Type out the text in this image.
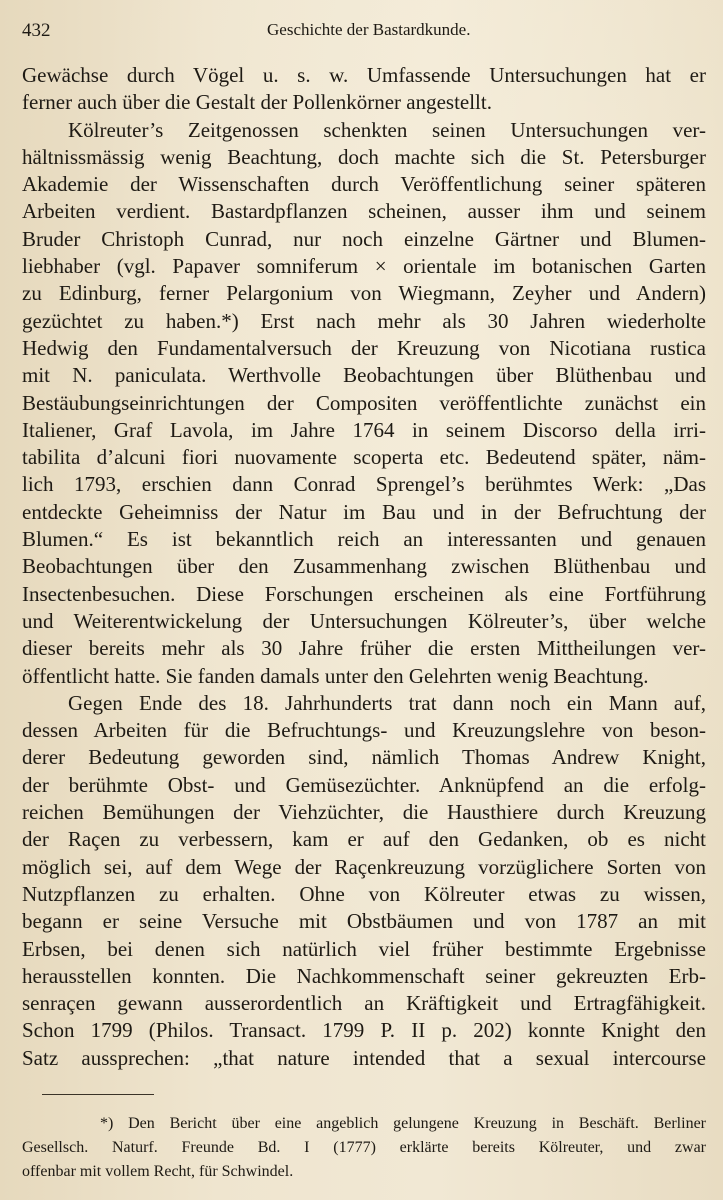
432	Geschichte der Bastardkunde.
Gewächse durch Vögel u. s. w. Umfassende Untersuchungen hat er
ferner auch über die Gestalt der Pollenkörner angestellt.
Kölreuter’s Zeitgenossen schenkten seinen Untersuchungen ver-
hältnissmässig wenig Beachtung, doch machte sich die St. Petersburger
Akademie der Wissenschaften durch Veröffentlichung seiner späteren
Arbeiten verdient. Bastardpflanzen scheinen, ausser ihm und seinem
Bruder Christoph Cunrad, nur noch einzelne Gärtner und Blumen-
liebhaber (vgl. Papaver somniferum × orientale im botanischen Garten
zu Edinburg, ferner Pelargonium von Wiegmann, Zeyher und Andern)
gezüchtet zu haben.*) Erst nach mehr als 30 Jahren wiederholte
Hedwig den Fundamentalversuch der Kreuzung von Nicotiana rustica
mit N. paniculata. Werthvolle Beobachtungen über Blüthenbau und
Bestäubungseinrichtungen der Compositen veröffentlichte zunächst ein
Italiener, Graf Lavola, im Jahre 1764 in seinem Discorso della irri-
tabilita d’alcuni fiori nuovamente scoperta etc. Bedeutend später, näm-
lich 1793, erschien dann Conrad Sprengel’s berühmtes Werk: „Das
entdeckte Geheimniss der Natur im Bau und in der Befruchtung der
Blumen.“ Es ist bekanntlich reich an interessanten und genauen
Beobachtungen über den Zusammenhang zwischen Blüthenbau und
Insectenbesuchen. Diese Forschungen erscheinen als eine Fortführung
und Weiterentwickelung der Untersuchungen Kölreuter’s, über welche
dieser bereits mehr als 30 Jahre früher die ersten Mittheilungen ver-
öffentlicht hatte. Sie fanden damals unter den Gelehrten wenig Beachtung.
Gegen Ende des 18. Jahrhunderts trat dann noch ein Mann auf,
dessen Arbeiten für die Befruchtungs- und Kreuzungslehre von beson-
derer Bedeutung geworden sind, nämlich Thomas Andrew Knight,
der berühmte Obst- und Gemüsezüchter. Anknüpfend an die erfolg-
reichen Bemühungen der Viehzüchter, die Hausthiere durch Kreuzung
der Raçen zu verbessern, kam er auf den Gedanken, ob es nicht
möglich sei, auf dem Wege der Raçenkreuzung vorzüglichere Sorten von
Nutzpflanzen zu erhalten. Ohne von Kölreuter etwas zu wissen,
begann er seine Versuche mit Obstbäumen und von 1787 an mit
Erbsen, bei denen sich natürlich viel früher bestimmte Ergebnisse
herausstellen konnten. Die Nachkommenschaft seiner gekreuzten Erb-
senraçen gewann ausserordentlich an Kräftigkeit und Ertragfähigkeit.
Schon 1799 (Philos. Transact. 1799 P. II p. 202) konnte Knight den
Satz aussprechen: „that nature intended that a sexual intercourse
*) Den Bericht über eine angeblich gelungene Kreuzung in Beschäft. Berliner
Gesellsch. Naturf. Freunde Bd. I (1777) erklärte bereits Kölreuter, und zwar
offenbar mit vollem Recht, für Schwindel.
